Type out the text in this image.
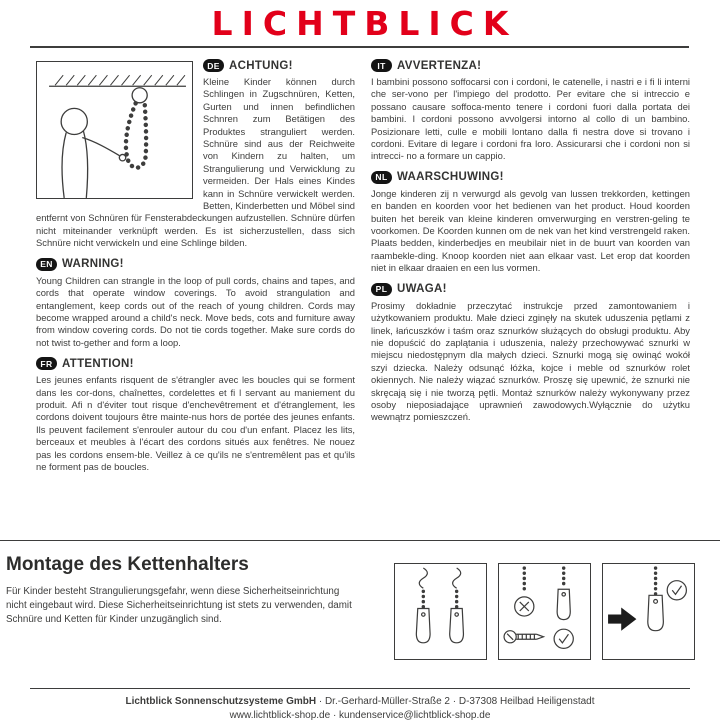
LICHTBLICK
DE ACHTUNG!

Kleine Kinder können durch Schlingen in Zugschnüren, Ketten, Gurten und innen befindlichen Schnren zum Betätigen des Produktes stranguliert werden. Schnüre sind aus der Reichweite von Kindern zu halten, um Strangulierung und Verwicklung zu vermeiden. Der Hals eines Kindes kann in Schnüre verwickelt werden. Betten, Kinderbetten und Möbel sind entfernt von Schnüren für Fensterabdeckungen aufzustellen. Schnüre dürfen nicht miteinander verknüpft werden. Es ist sicherzustellen, dass sich Schnüre nicht verwickeln und eine Schlinge bilden.

EN WARNING!

Young Children can strangle in the loop of pull cords, chains and tapes, and cords that operate window coverings. To avoid strangulation and entanglement, keep cords out of the reach of young children. Cords may become wrapped around a child's neck. Move beds, cots and furniture away from window covering cords. Do not tie cords together. Make sure cords do not twist to-gether and form a loop.

FR ATTENTION!

Les jeunes enfants risquent de s'étrangler avec les boucles qui se forment dans les cor-dons, chaînettes, cordelettes et fi l servant au maniement du produit. Afi n d'éviter tout risque d'enchevêtrement et d'étranglement, les cordons doivent toujours être mainte-nus hors de portée des jeunes enfants. Ils peuvent facilement s'enrouler autour du cou d'un enfant. Placez les lits, berceaux et meubles à l'écart des cordons situés aux fenêtres. Ne nouez pas les cordons ensem-ble. Veillez à ce qu'ils ne s'entremêlent pas et qu'ils ne forment pas de boucles.

IT AVVERTENZA!

I bambini possono soffocarsi con i cordoni, le catenelle, i nastri e i fi li interni che ser-vono per l'impiego del prodotto. Per evitare che si intreccio e possano causare soffoca-mento tenere i cordoni fuori dalla portata dei bambini. I cordoni possono avvolgersi intorno al collo di un bambino. Posizionare letti, culle e mobili lontano dalla fi nestra dove si trovano i cordoni. Evitare di legare i cordoni fra loro. Assicurarsi che i cordoni non si intrecci- no a formare un cappio.

NL WAARSCHUWING!

Jonge kinderen zij n verwurgd als gevolg van lussen trekkorden, kettingen en banden en koorden voor het bedienen van het product. Houd koorden buiten het bereik van kleine kinderen omverwurging en verstren-geling te voorkomen. De Koorden kunnen om de nek van het kind verstrengeld raken. Plaats bedden, kinderbedjes en meubilair niet in de buurt van koorden van raambekle-ding. Knoop koorden niet aan elkaar vast. Let erop dat koorden niet in elkaar draaien en een lus vormen.

PL UWAGA!

Prosimy dokładnie przeczytać instrukcje przed zamontowaniem i użytkowaniem produktu. Małe dzieci zginęły na skutek uduszenia pętlami z linek, łańcuszków i taśm oraz sznurków służących do obsługi produktu. Aby nie dopuścić do zaplątania i uduszenia, należy przechowywać sznurki w miejscu niedostępnym dla małych dzieci. Sznurki mogą się owinąć wokół szyi dziecka. Należy odsunąć łóżka, kojce i meble od sznurków rolet okiennych. Nie należy wiązać sznurków. Proszę się upewnić, że sznurki nie skręcają się i nie tworzą pętli. Montaż sznurków należy wykonywany przez osoby nieposiadające uprawnień zawodowych.Wyłącznie do użytku wewnątrz pomieszczeń.

Montage des Kettenhalters

Für Kinder besteht Strangulierungsgefahr, wenn diese Sicherheitseinrichtung nicht eingebaut wird. Diese Sicherheitseinrichtung ist stets zu verwenden, damit Schnüre und Ketten für Kinder unzugänglich sind.

Lichtblick Sonnenschutzsysteme GmbH · Dr.-Gerhard-Müller-Straße 2 · D-37308 Heilbad Heiligenstadt
www.lichtblick-shop.de · kundenservice@lichtblick-shop.de
